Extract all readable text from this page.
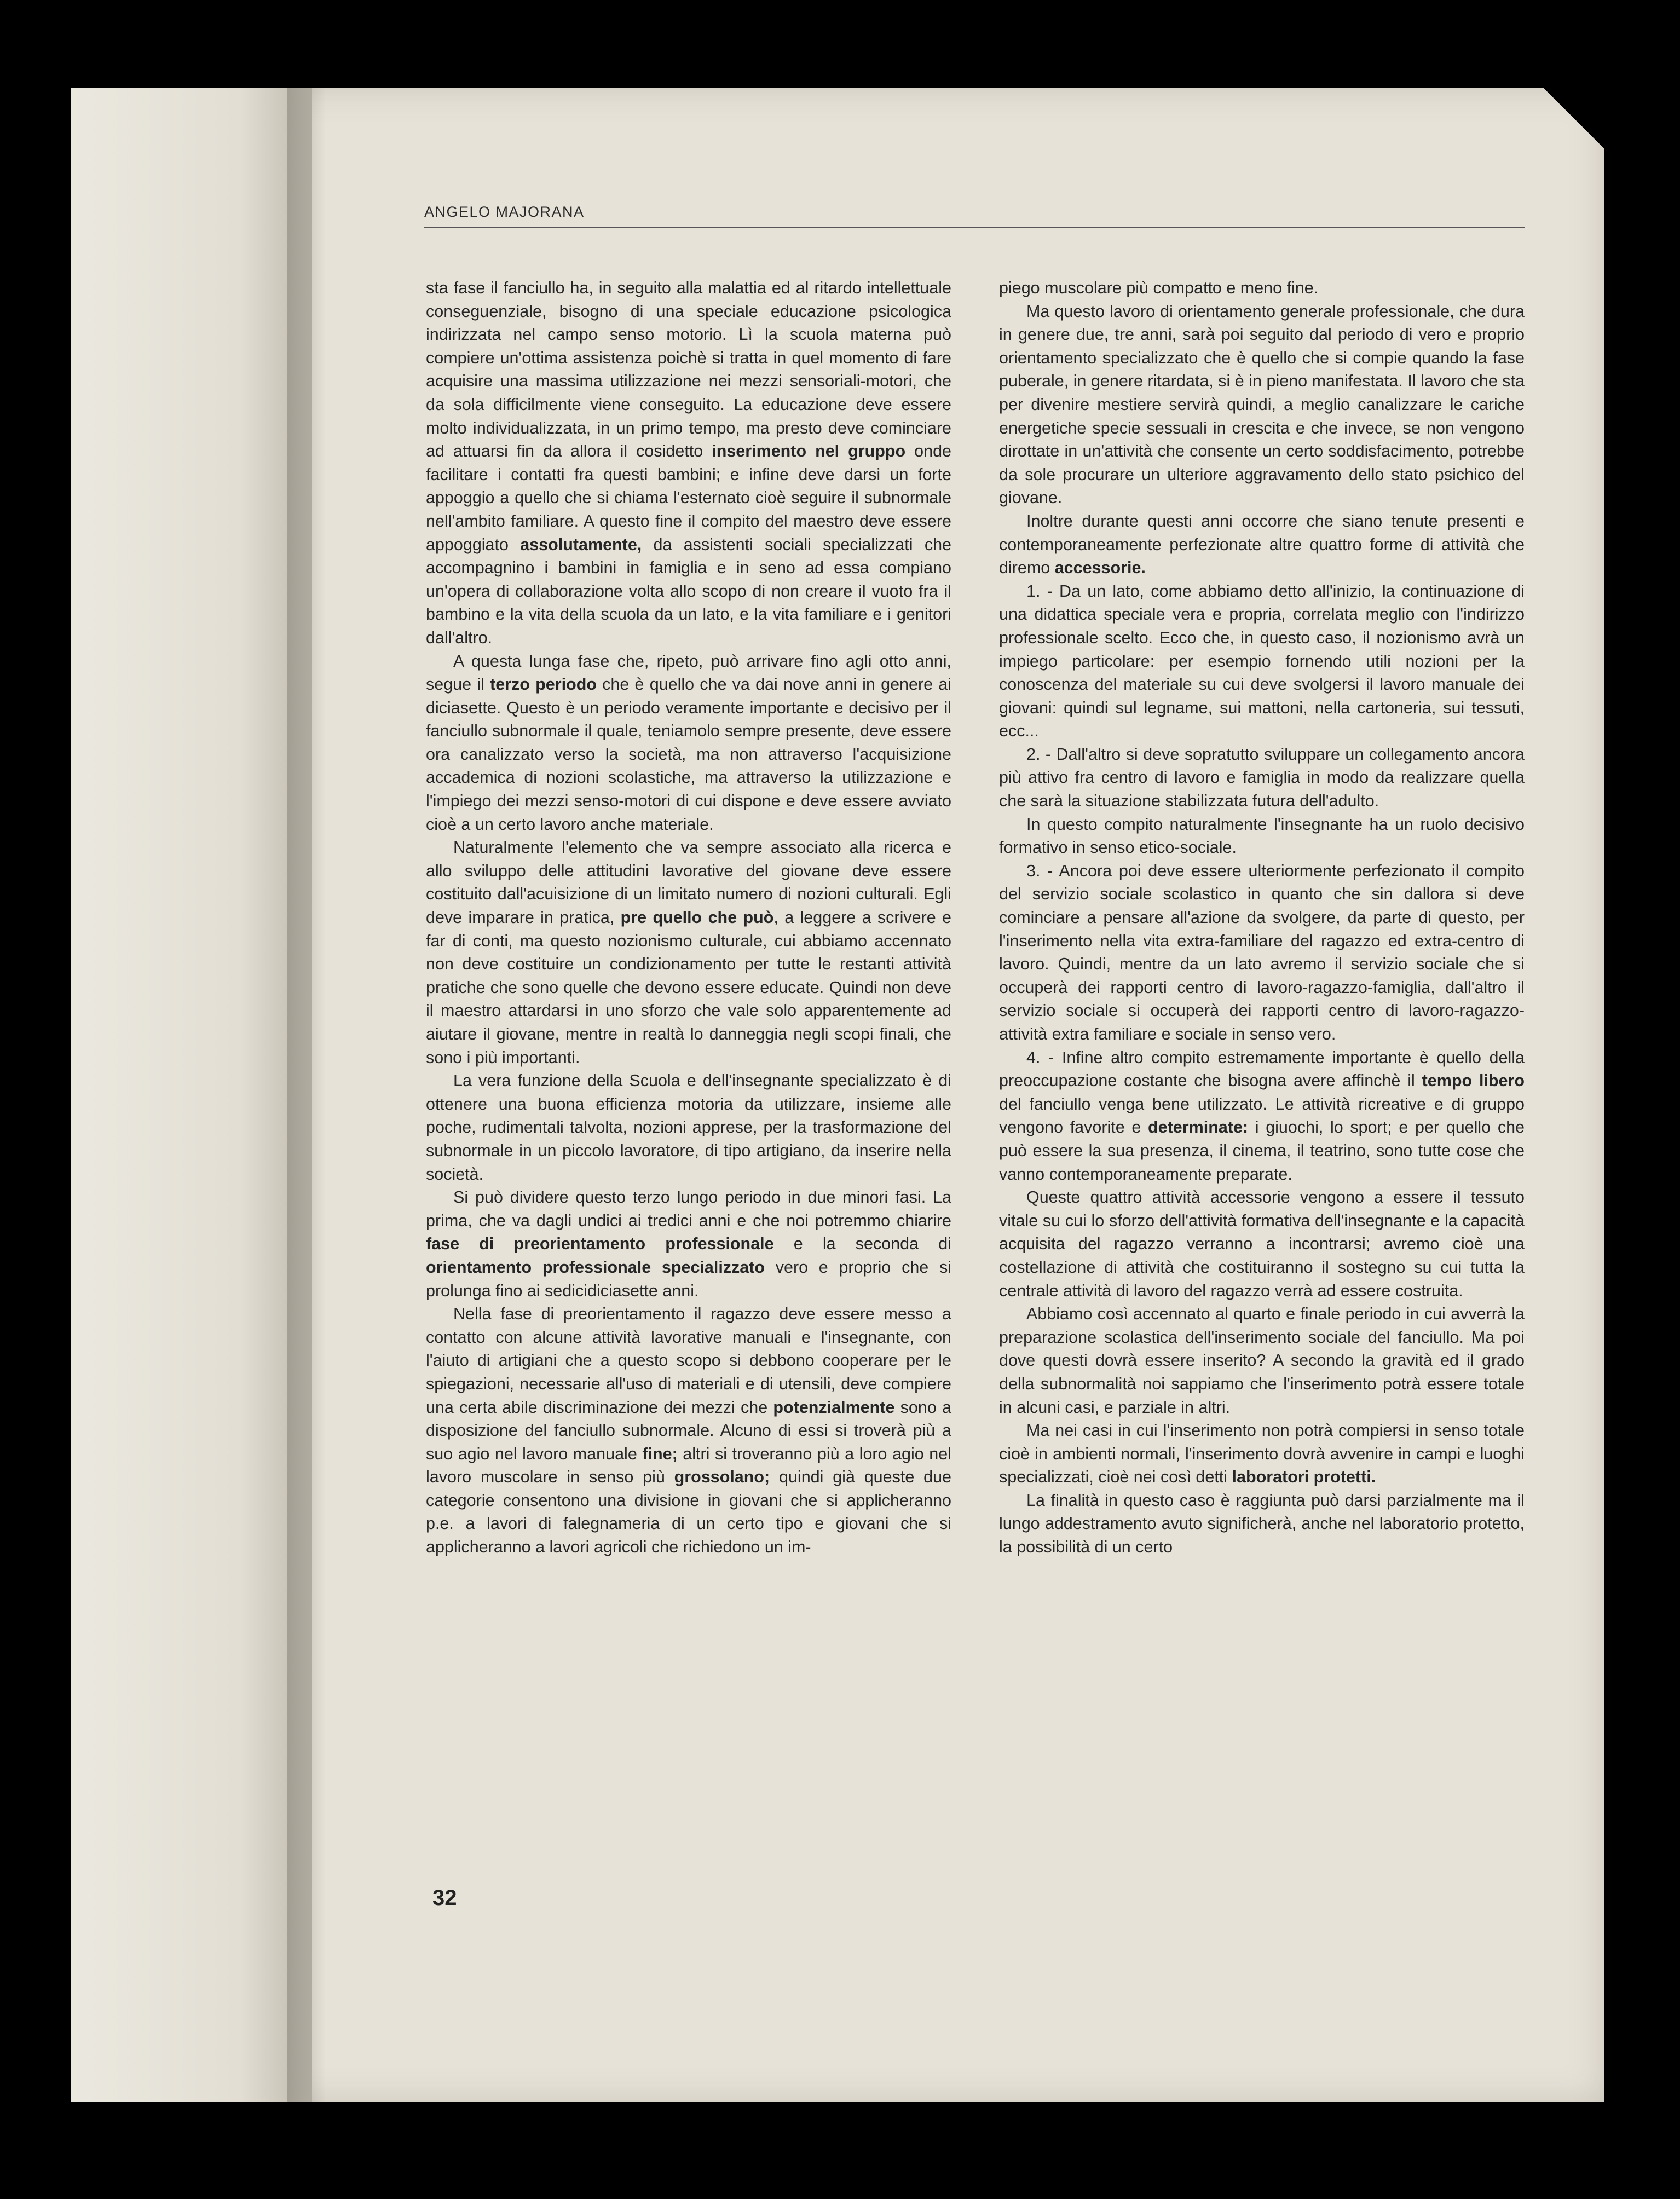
ANGELO MAJORANA

sta fase il fanciullo ha, in seguito alla malattia ed al ritardo intellettuale conseguenziale, bisogno di una speciale educazione psicologica indirizzata nel campo senso motorio. Lì la scuola materna può compiere un'ottima assistenza poichè si tratta in quel momento di fare acquisire una massima utilizzazione nei mezzi sensoriali-motori, che da sola difficilmente viene conseguito. La educazione deve essere molto individualizzata, in un primo tempo, ma presto deve cominciare ad attuarsi fin da allora il cosidetto inserimento nel gruppo onde facilitare i contatti fra questi bambini; e infine deve darsi un forte appoggio a quello che si chiama l'esternato cioè seguire il subnormale nell'ambito familiare. A questo fine il compito del maestro deve essere appoggiato assolutamente, da assistenti sociali specializzati che accompagnino i bambini in famiglia e in seno ad essa compiano un'opera di collaborazione volta allo scopo di non creare il vuoto fra il bambino e la vita della scuola da un lato, e la vita familiare e i genitori dall'altro.

A questa lunga fase che, ripeto, può arrivare fino agli otto anni, segue il terzo periodo che è quello che va dai nove anni in genere ai diciasette. Questo è un periodo veramente importante e decisivo per il fanciullo subnormale il quale, teniamolo sempre presente, deve essere ora canalizzato verso la società, ma non attraverso l'acquisizione accademica di nozioni scolastiche, ma attraverso la utilizzazione e l'impiego dei mezzi senso-motori di cui dispone e deve essere avviato cioè a un certo lavoro anche materiale.

Naturalmente l'elemento che va sempre associato alla ricerca e allo sviluppo delle attitudini lavorative del giovane deve essere costituito dall'acuisizione di un limitato numero di nozioni culturali. Egli deve imparare in pratica, pre quello che può, a leggere a scrivere e far di conti, ma questo nozionismo culturale, cui abbiamo accennato non deve costituire un condizionamento per tutte le restanti attività pratiche che sono quelle che devono essere educate. Quindi non deve il maestro attardarsi in uno sforzo che vale solo apparentemente ad aiutare il giovane, mentre in realtà lo danneggia negli scopi finali, che sono i più importanti.

La vera funzione della Scuola e dell'insegnante specializzato è di ottenere una buona efficienza motoria da utilizzare, insieme alle poche, rudimentali talvolta, nozioni apprese, per la trasformazione del subnormale in un piccolo lavoratore, di tipo artigiano, da inserire nella società.

Si può dividere questo terzo lungo periodo in due minori fasi. La prima, che va dagli undici ai tredici anni e che noi potremmo chiarire fase di preorientamento professionale e la seconda di orientamento professionale specializzato vero e proprio che si prolunga fino ai sedicidiciasette anni.

Nella fase di preorientamento il ragazzo deve essere messo a contatto con alcune attività lavorative manuali e l'insegnante, con l'aiuto di artigiani che a questo scopo si debbono cooperare per le spiegazioni, necessarie all'uso di materiali e di utensili, deve compiere una certa abile discriminazione dei mezzi che potenzialmente sono a disposizione del fanciullo subnormale. Alcuno di essi si troverà più a suo agio nel lavoro manuale fine; altri si troveranno più a loro agio nel lavoro muscolare in senso più grossolano; quindi già queste due categorie consentono una divisione in giovani che si applicheranno p.e. a lavori di falegnameria di un certo tipo e giovani che si applicheranno a lavori agricoli che richiedono un im-

piego muscolare più compatto e meno fine.

Ma questo lavoro di orientamento generale professionale, che dura in genere due, tre anni, sarà poi seguito dal periodo di vero e proprio orientamento specializzato che è quello che si compie quando la fase puberale, in genere ritardata, si è in pieno manifestata. Il lavoro che sta per divenire mestiere servirà quindi, a meglio canalizzare le cariche energetiche specie sessuali in crescita e che invece, se non vengono dirottate in un'attività che consente un certo soddisfacimento, potrebbe da sole procurare un ulteriore aggravamento dello stato psichico del giovane.

Inoltre durante questi anni occorre che siano tenute presenti e contemporaneamente perfezionate altre quattro forme di attività che diremo accessorie.

1. - Da un lato, come abbiamo detto all'inizio, la continuazione di una didattica speciale vera e propria, correlata meglio con l'indirizzo professionale scelto. Ecco che, in questo caso, il nozionismo avrà un impiego particolare: per esempio fornendo utili nozioni per la conoscenza del materiale su cui deve svolgersi il lavoro manuale dei giovani: quindi sul legname, sui mattoni, nella cartoneria, sui tessuti, ecc...

2. - Dall'altro si deve sopratutto sviluppare un collegamento ancora più attivo fra centro di lavoro e famiglia in modo da realizzare quella che sarà la situazione stabilizzata futura dell'adulto.

In questo compito naturalmente l'insegnante ha un ruolo decisivo formativo in senso etico-sociale.

3. - Ancora poi deve essere ulteriormente perfezionato il compito del servizio sociale scolastico in quanto che sin dallora si deve cominciare a pensare all'azione da svolgere, da parte di questo, per l'inserimento nella vita extra-familiare del ragazzo ed extra-centro di lavoro. Quindi, mentre da un lato avremo il servizio sociale che si occuperà dei rapporti centro di lavoro-ragazzo-famiglia, dall'altro il servizio sociale si occuperà dei rapporti centro di lavoro-ragazzo-attività extra familiare e sociale in senso vero.

4. - Infine altro compito estremamente importante è quello della preoccupazione costante che bisogna avere affinchè il tempo libero del fanciullo venga bene utilizzato. Le attività ricreative e di gruppo vengono favorite e determinate: i giuochi, lo sport; e per quello che può essere la sua presenza, il cinema, il teatrino, sono tutte cose che vanno contemporaneamente preparate.

Queste quattro attività accessorie vengono a essere il tessuto vitale su cui lo sforzo dell'attività formativa dell'insegnante e la capacità acquisita del ragazzo verranno a incontrarsi; avremo cioè una costellazione di attività che costituiranno il sostegno su cui tutta la centrale attività di lavoro del ragazzo verrà ad essere costruita.

Abbiamo così accennato al quarto e finale periodo in cui avverrà la preparazione scolastica dell'inserimento sociale del fanciullo. Ma poi dove questi dovrà essere inserito? A secondo la gravità ed il grado della subnormalità noi sappiamo che l'inserimento potrà essere totale in alcuni casi, e parziale in altri.

Ma nei casi in cui l'inserimento non potrà compiersi in senso totale cioè in ambienti normali, l'inserimento dovrà avvenire in campi e luoghi specializzati, cioè nei così detti laboratori protetti.

La finalità in questo caso è raggiunta può darsi parzialmente ma il lungo addestramento avuto significherà, anche nel laboratorio protetto, la possibilità di un certo

32
